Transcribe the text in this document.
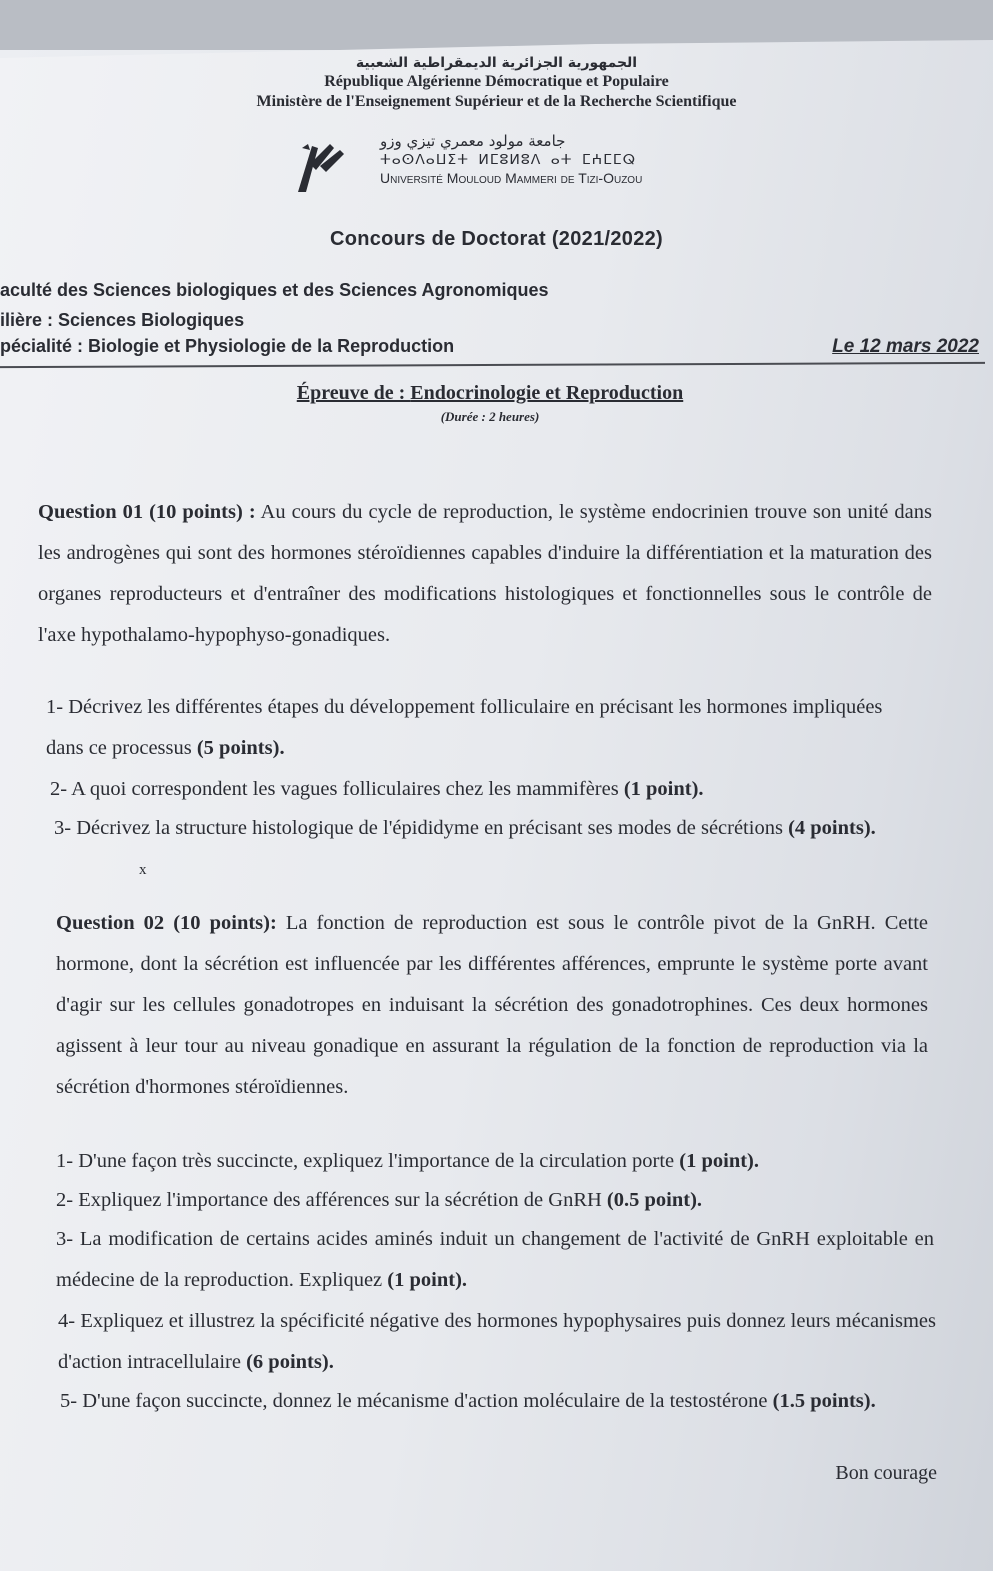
الجمهورية الجزائرية الديمقراطية الشعبية
République Algérienne Démocratique et Populaire
Ministère de l'Enseignement Supérieur et de la Recherche Scientifique
جامعة مولود معمري تيزي وزو
ⵜⴰⵙⴷⴰⵡⵉⵜ ⵍⵎⵓⵍⵓⴷ ⴰⵜ ⵎⵄⵎⵎⵕ
Université Mouloud Mammeri de Tizi-Ouzou
Concours de Doctorat (2021/2022)
aculté des Sciences biologiques et des Sciences Agronomiques
ilière : Sciences Biologiques
pécialité : Biologie et Physiologie de la Reproduction	Le 12 mars 2022
Épreuve de : Endocrinologie et Reproduction
(Durée : 2 heures)

Question 01 (10 points) : Au cours du cycle de reproduction, le système endocrinien trouve son unité dans les androgènes qui sont des hormones stéroïdiennes capables d'induire la différentiation et la maturation des organes reproducteurs et d'entraîner des modifications histologiques et fonctionnelles sous le contrôle de l'axe hypothalamo-hypophyso-gonadiques.

1- Décrivez les différentes étapes du développement folliculaire en précisant les hormones impliquées dans ce processus (5 points).
2- A quoi correspondent les vagues folliculaires chez les mammifères (1 point).
3- Décrivez la structure histologique de l'épididyme en précisant ses modes de sécrétions (4 points).
x

Question 02 (10 points): La fonction de reproduction est sous le contrôle pivot de la GnRH. Cette hormone, dont la sécrétion est influencée par les différentes afférences, emprunte le système porte avant d'agir sur les cellules gonadotropes en induisant la sécrétion des gonadotrophines. Ces deux hormones agissent à leur tour au niveau gonadique en assurant la régulation de la fonction de reproduction via la sécrétion d'hormones stéroïdiennes.

1- D'une façon très succincte, expliquez l'importance de la circulation porte (1 point).
2- Expliquez l'importance des afférences sur la sécrétion de GnRH (0.5 point).
3- La modification de certains acides aminés induit un changement de l'activité de GnRH exploitable en médecine de la reproduction. Expliquez (1 point).
4- Expliquez et illustrez la spécificité négative des hormones hypophysaires puis donnez leurs mécanismes d'action intracellulaire (6 points).
5- D'une façon succincte, donnez le mécanisme d'action moléculaire de la testostérone (1.5 points).
Bon courage
